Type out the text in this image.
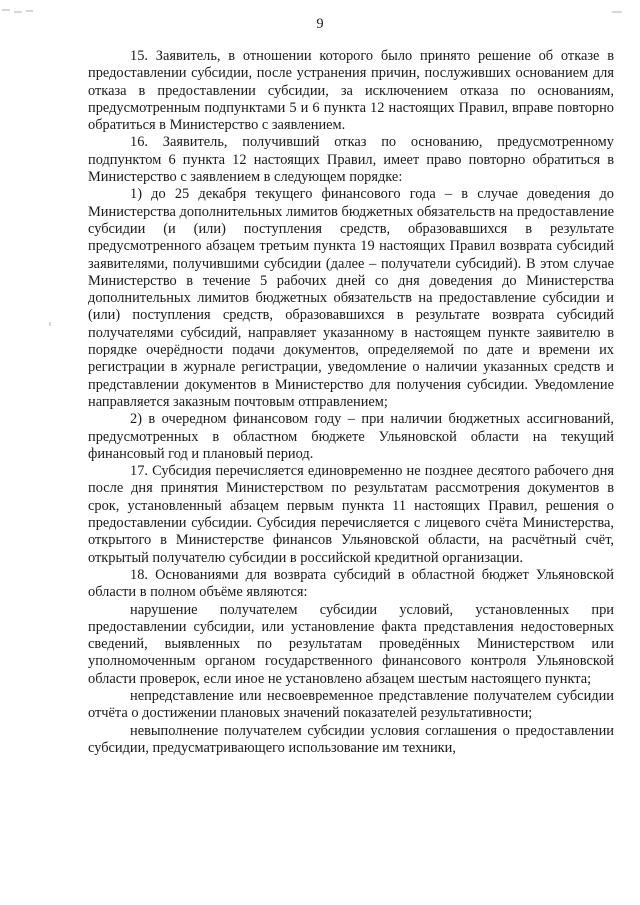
9

15. Заявитель, в отношении которого было принято решение об отказе в предоставлении субсидии, после устранения причин, послуживших основанием для отказа в предоставлении субсидии, за исключением отказа по основаниям, предусмотренным подпунктами 5 и 6 пункта 12 настоящих Правил, вправе повторно обратиться в Министерство с заявлением.

16. Заявитель, получивший отказ по основанию, предусмотренному подпунктом 6 пункта 12 настоящих Правил, имеет право повторно обратиться в Министерство с заявлением в следующем порядке:

1) до 25 декабря текущего финансового года – в случае доведения до Министерства дополнительных лимитов бюджетных обязательств на предоставление субсидии (и (или) поступления средств, образовавшихся в результате предусмотренного абзацем третьим пункта 19 настоящих Правил возврата субсидий заявителями, получившими субсидии (далее – получатели субсидий). В этом случае Министерство в течение 5 рабочих дней со дня доведения до Министерства дополнительных лимитов бюджетных обязательств на предоставление субсидии и (или) поступления средств, образовавшихся в результате возврата субсидий получателями субсидий, направляет указанному в настоящем пункте заявителю в порядке очерёдности подачи документов, определяемой по дате и времени их регистрации в журнале регистрации, уведомление о наличии указанных средств и представлении документов в Министерство для получения субсидии. Уведомление направляется заказным почтовым отправлением;

2) в очередном финансовом году – при наличии бюджетных ассигнований, предусмотренных в областном бюджете Ульяновской области на текущий финансовый год и плановый период.

17. Субсидия перечисляется единовременно не позднее десятого рабочего дня после дня принятия Министерством по результатам рассмотрения документов в срок, установленный абзацем первым пункта 11 настоящих Правил, решения о предоставлении субсидии. Субсидия перечисляется с лицевого счёта Министерства, открытого в Министерстве финансов Ульяновской области, на расчётный счёт, открытый получателю субсидии в российской кредитной организации.

18. Основаниями для возврата субсидий в областной бюджет Ульяновской области в полном объёме являются:

нарушение получателем субсидии условий, установленных при предоставлении субсидии, или установление факта представления недостоверных сведений, выявленных по результатам проведённых Министерством или уполномоченным органом государственного финансового контроля Ульяновской области проверок, если иное не установлено абзацем шестым настоящего пункта;

непредставление или несвоевременное представление получателем субсидии отчёта о достижении плановых значений показателей результативности;

невыполнение получателем субсидии условия соглашения о предоставлении субсидии, предусматривающего использование им техники,
